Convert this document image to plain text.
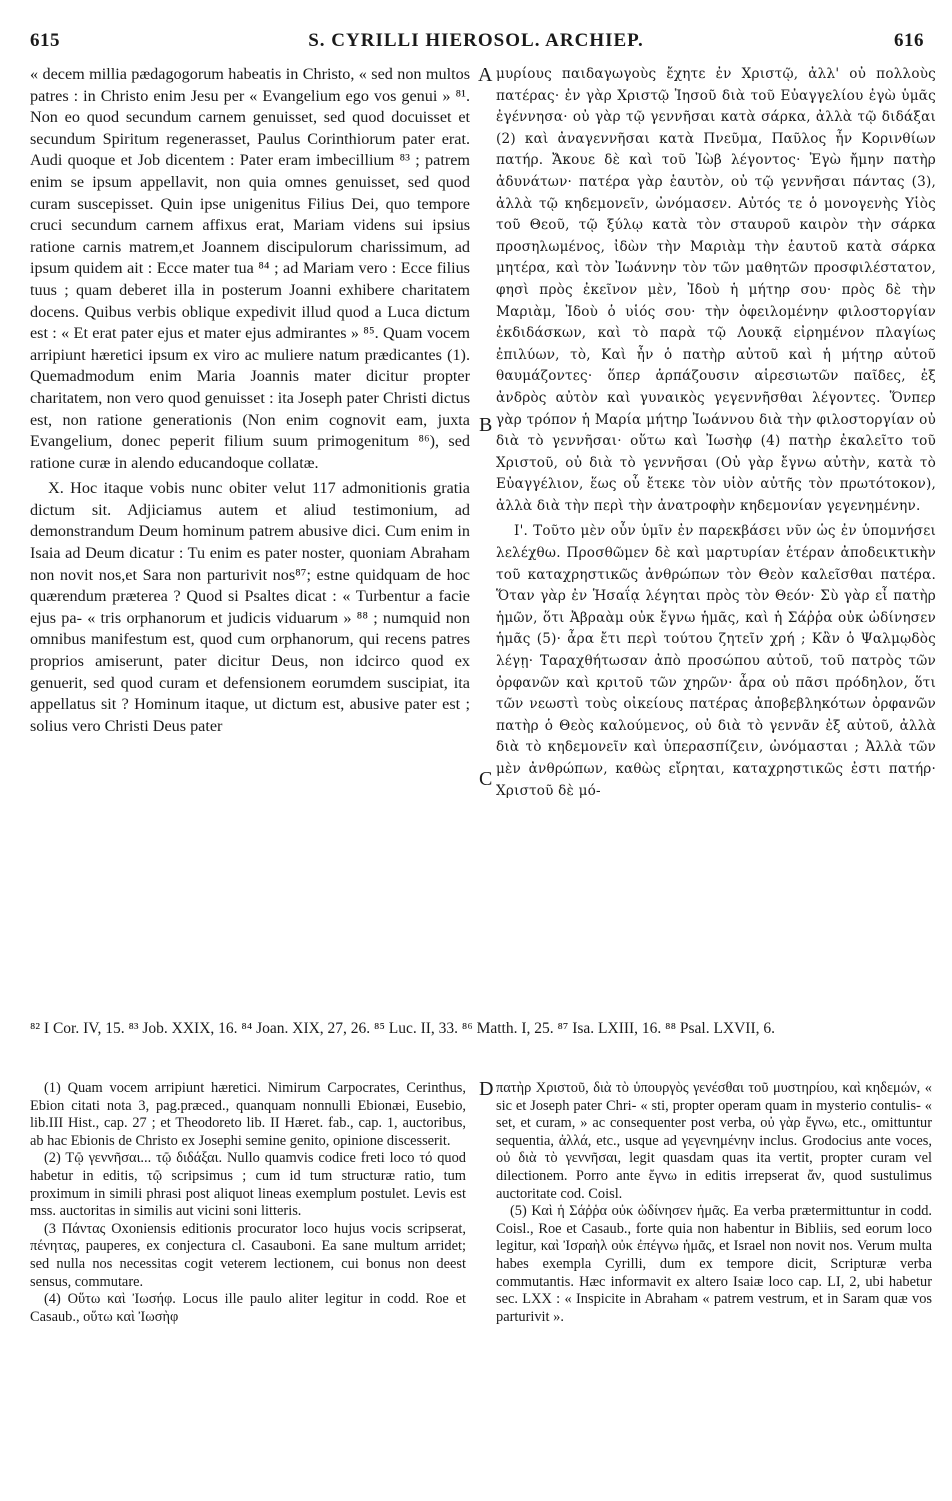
615	S. CYRILLI HIEROSOL. ARCHIEP.	616

« decem millia pædagogorum habeatis in Christo, « sed non multos patres : in Christo enim Jesu per « Evangelium ego vos genui » ⁸¹. Non eo quod secundum carnem genuisset, sed quod docuisset et secundum Spiritum regenerasset, Paulus Corinthiorum pater erat. Audi quoque et Job dicentem : Pater eram imbecillium ⁸³ ; patrem enim se ipsum appellavit, non quia omnes genuisset, sed quod curam suscepisset. Quin ipse unigenitus Filius Dei, quo tempore cruci secundum carnem affixus erat, Mariam videns sui ipsius ratione carnis matrem,et Joannem discipulorum charissimum, ad ipsum quidem ait : Ecce mater tua ⁸⁴ ; ad Mariam vero : Ecce filius tuus ; quam deberet illa in posterum Joanni exhibere charitatem docens. Quibus verbis oblique expedivit illud quod a Luca dictum est : « Et erat pater ejus et mater ejus admirantes » ⁸⁵. Quam vocem arripiunt hæretici ipsum ex viro ac muliere natum prædicantes (1). Quemadmodum enim Maria Joannis mater dicitur propter charitatem, non vero quod genuisset : ita Joseph pater Christi dictus est, non ratione generationis (Non enim cognovit eam, juxta Evangelium, donec peperit filium suum primogenitum ⁸⁶), sed ratione curæ in alendo educandoque collatæ.

X. Hoc itaque vobis nunc obiter velut 117 admonitionis gratia dictum sit. Adjiciamus autem et aliud testimonium, ad demonstrandum Deum hominum patrem abusive dici. Cum enim in Isaia ad Deum dicatur : Tu enim es pater noster, quoniam Abraham non novit nos,et Sara non parturivit nos⁸⁷; estne quidquam de hoc quærendum præterea ? Quod si Psaltes dicat : « Turbentur a facie ejus pa- « tris orphanorum et judicis viduarum » ⁸⁸ ; numquid non omnibus manifestum est, quod cum orphanorum, qui recens patres proprios amiserunt, pater dicitur Deus, non idcirco quod ex genuerit, sed quod curam et defensionem eorumdem suscipiat, ita appellatus sit ? Hominum itaque, ut dictum est, abusive pater est ; solius vero Christi Deus pater

A
B
C
D

μυρίους παιδαγωγοὺς ἔχητε ἐν Χριστῷ, ἀλλ' οὐ πολλοὺς πατέρας· ἐν γὰρ Χριστῷ Ἰησοῦ διὰ τοῦ Εὐαγγελίου ἐγὼ ὑμᾶς ἐγέννησα· οὐ γὰρ τῷ γεννῆσαι κατὰ σάρκα, ἀλλὰ τῷ διδάξαι (2) καὶ ἀναγεννῆσαι κατὰ Πνεῦμα, Παῦλος ἦν Κορινθίων πατήρ. Ἄκουε δὲ καὶ τοῦ Ἰὼβ λέγοντος· Ἐγὼ ἤμην πατὴρ ἀδυνάτων· πατέρα γὰρ ἑαυτὸν, οὐ τῷ γεννῆσαι πάντας (3), ἀλλὰ τῷ κηδεμονεῖν, ὠνόμασεν. Αὐτός τε ὁ μονογενὴς Υἱὸς τοῦ Θεοῦ, τῷ ξύλῳ κατὰ τὸν σταυροῦ καιρὸν τὴν σάρκα προσηλωμένος, ἰδὼν τὴν Μαριὰμ τὴν ἑαυτοῦ κατὰ σάρκα μητέρα, καὶ τὸν Ἰωάννην τὸν τῶν μαθητῶν προσφιλέστατον, φησὶ πρὸς ἐκεῖνον μὲν, Ἰδοὺ ἡ μήτηρ σου· πρὸς δὲ τὴν Μαριὰμ, Ἰδοὺ ὁ υἱός σου· τὴν ὀφειλομένην φιλοστοργίαν ἐκδιδάσκων, καὶ τὸ παρὰ τῷ Λουκᾷ εἰρημένον πλαγίως ἐπιλύων, τὸ, Καὶ ἦν ὁ πατὴρ αὐτοῦ καὶ ἡ μήτηρ αὐτοῦ θαυμάζοντες· ὅπερ ἁρπάζουσιν αἱρεσιωτῶν παῖδες, ἐξ ἀνδρὸς αὐτὸν καὶ γυναικὸς γεγεννῆσθαι λέγοντες. Ὅνπερ γὰρ τρόπον ἡ Μαρία μήτηρ Ἰωάννου διὰ τὴν φιλοστοργίαν οὐ διὰ τὸ γεννῆσαι· οὕτω καὶ Ἰωσὴφ (4) πατὴρ ἐκαλεῖτο τοῦ Χριστοῦ, οὐ διὰ τὸ γεννῆσαι (Οὐ γὰρ ἔγνω αὐτὴν, κατὰ τὸ Εὐαγγέλιον, ἕως οὗ ἔτεκε τὸν υἱὸν αὐτῆς τὸν πρωτότοκον), ἀλλὰ διὰ τὴν περὶ τὴν ἀνατροφὴν κηδεμονίαν γεγενημένην.

Ι'. Τοῦτο μὲν οὖν ὑμῖν ἐν παρεκβάσει νῦν ὡς ἐν ὑπομνήσει λελέχθω. Προσθῶμεν δὲ καὶ μαρτυρίαν ἑτέραν ἀποδεικτικὴν τοῦ καταχρηστικῶς ἀνθρώπων τὸν Θεὸν καλεῖσθαι πατέρα. Ὅταν γὰρ ἐν Ἡσαΐᾳ λέγηται πρὸς τὸν Θεόν· Σὺ γὰρ εἶ πατὴρ ἡμῶν, ὅτι Ἀβραὰμ οὐκ ἔγνω ἡμᾶς, καὶ ἡ Σάῤῥα οὐκ ὠδίνησεν ἡμᾶς (5)· ἆρα ἔτι περὶ τούτου ζητεῖν χρή ; Κἂν ὁ Ψαλμῳδὸς λέγῃ· Ταραχθήτωσαν ἀπὸ προσώπου αὐτοῦ, τοῦ πατρὸς τῶν ὀρφανῶν καὶ κριτοῦ τῶν χηρῶν· ἆρα οὐ πᾶσι πρόδηλον, ὅτι τῶν νεωστὶ τοὺς οἰκείους πατέρας ἀποβεβληκότων ὀρφανῶν πατὴρ ὁ Θεὸς καλούμενος, οὐ διὰ τὸ γεννᾶν ἐξ αὐτοῦ, ἀλλὰ διὰ τὸ κηδεμονεῖν καὶ ὑπερασπίζειν, ὠνόμασται ; Ἀλλὰ τῶν μὲν ἀνθρώπων, καθὼς εἴρηται, καταχρηστικῶς ἐστι πατήρ· Χριστοῦ δὲ μό-

⁸² I Cor. IV, 15. ⁸³ Job. XXIX, 16. ⁸⁴ Joan. XIX, 27, 26. ⁸⁵ Luc. II, 33. ⁸⁶ Matth. I, 25. ⁸⁷ Isa. LXIII, 16. ⁸⁸ Psal. LXVII, 6.

(1) Quam vocem arripiunt hæretici. Nimirum Carpocrates, Cerinthus, Ebion citati nota 3, pag.præced., quanquam nonnulli Ebionæi, Eusebio, lib.III Hist., cap. 27 ; et Theodoreto lib. II Hæret. fab., cap. 1, auctoribus, ab hac Ebionis de Christo ex Josephi semine genito, opinione discesserit.

(2) Τῷ γεννῆσαι... τῷ διδάξαι. Nullo quamvis codice freti loco τό quod habetur in editis, τῷ scripsimus ; cum id tum structuræ ratio, tum proximum in simili phrasi post aliquot lineas exemplum postulet. Levis est mss. auctoritas in similis aut vicini soni litteris.

(3 Πάντας Oxoniensis editionis procurator loco hujus vocis scripserat, πένητας, pauperes, ex conjectura cl. Casauboni. Ea sane multum arridet; sed nulla nos necessitas cogit veterem lectionem, cui bonus non deest sensus, commutare.

(4) Οὕτω καὶ Ἰωσήφ. Locus ille paulo aliter legitur in codd. Roe et Casaub., οὕτω καὶ Ἰωσὴφ

πατὴρ Χριστοῦ, διὰ τὸ ὑπουργὸς γενέσθαι τοῦ μυστηρίου, καὶ κηδεμών, « sic et Joseph pater Chri- « sti, propter operam quam in mysterio contulis- « set, et curam, » ac consequenter post verba, οὐ γὰρ ἔγνω, etc., omittuntur sequentia, ἀλλά, etc., usque ad γεγενημένην inclus. Grodocius ante voces, οὐ διὰ τὸ γεννῆσαι, legit quasdam quas ita vertit, propter curam vel dilectionem. Porro ante ἔγνω in editis irrepserat ἄν, quod sustulimus auctoritate cod. Coisl.

(5) Καὶ ἡ Σάῤῥα οὐκ ὠδίνησεν ἡμᾶς. Ea verba prætermittuntur in codd. Coisl., Roe et Casaub., forte quia non habentur in Bibliis, sed eorum loco legitur, καὶ Ἰσραὴλ οὐκ ἐπέγνω ἡμᾶς, et Israel non novit nos. Verum multa habes exempla Cyrilli, dum ex tempore dicit, Scripturæ verba commutantis. Hæc informavit ex altero Isaiæ loco cap. LI, 2, ubi habetur sec. LXX : « Inspicite in Abraham « patrem vestrum, et in Saram quæ vos parturivit ».
